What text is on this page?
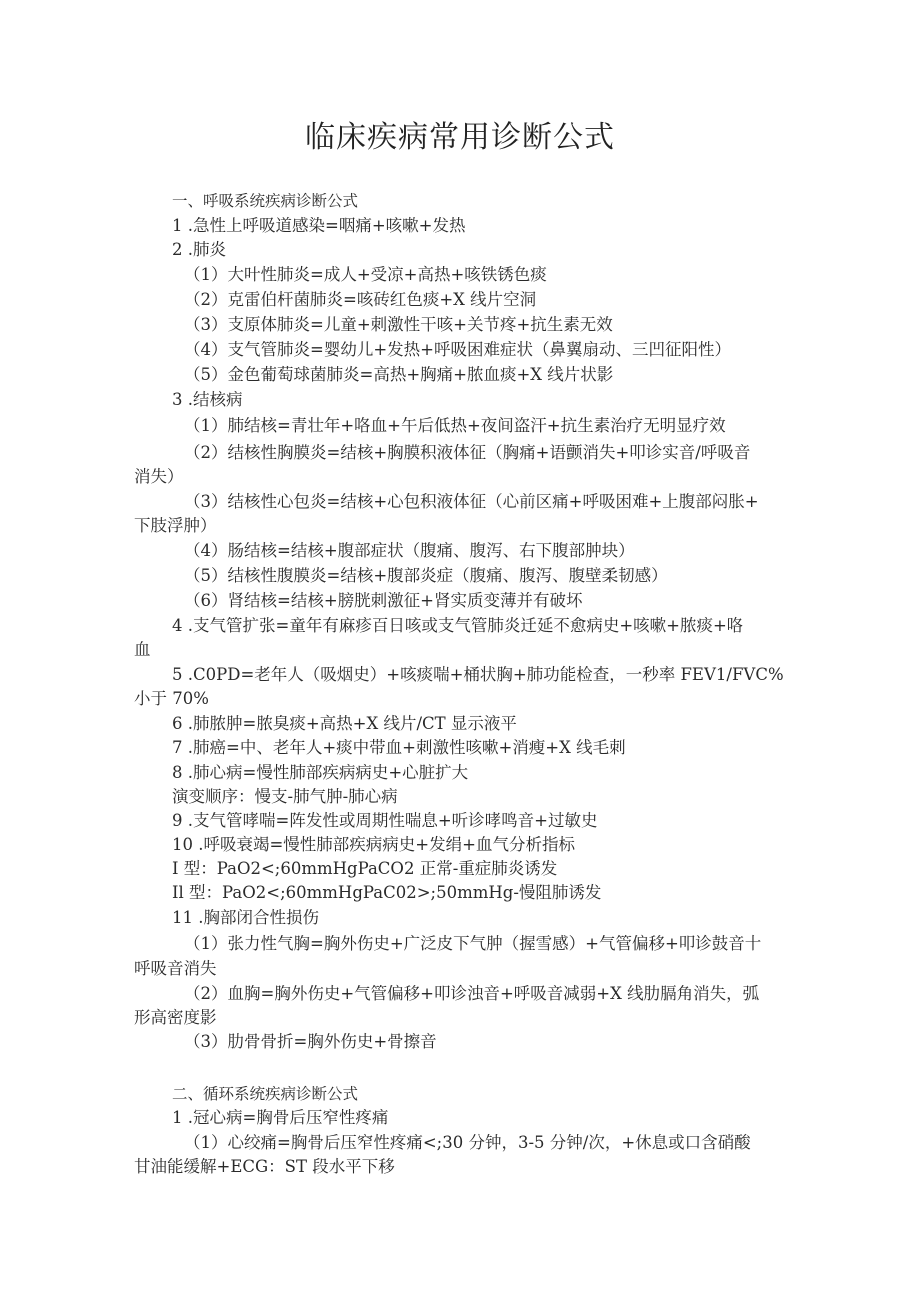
临床疾病常用诊断公式
一、呼吸系统疾病诊断公式
1 .急性上呼吸道感染=咽痛+咳嗽+发热
2 .肺炎
（1）大叶性肺炎=成人+受凉+高热+咳铁锈色痰
（2）克雷伯杆菌肺炎=咳砖红色痰+X 线片空洞
（3）支原体肺炎=儿童+刺激性干咳+关节疼+抗生素无效
（4）支气管肺炎=婴幼儿+发热+呼吸困难症状（鼻翼扇动、三凹征阳性）
（5）金色葡萄球菌肺炎=高热+胸痛+脓血痰+X 线片状影
3 .结核病
（1）肺结核=青壮年+咯血+午后低热+夜间盗汗+抗生素治疗无明显疗效
（2）结核性胸膜炎=结核+胸膜积液体征（胸痛+语颤消失+叩诊实音/呼吸音
消失）
（3）结核性心包炎=结核+心包积液体征（心前区痛+呼吸困难+上腹部闷胀+
下肢浮肿）
（4）肠结核=结核+腹部症状（腹痛、腹泻、右下腹部肿块）
（5）结核性腹膜炎=结核+腹部炎症（腹痛、腹泻、腹壁柔韧感）
（6）肾结核=结核+膀胱刺激征+肾实质变薄并有破坏
4 .支气管扩张=童年有麻疹百日咳或支气管肺炎迁延不愈病史+咳嗽+脓痰+咯
血
5 .C0PD=老年人（吸烟史）+咳痰喘+桶状胸+肺功能检查，一秒率 FEV1/FVC%
小于 70%
6 .肺脓肿=脓臭痰+高热+X 线片/CT 显示液平
7 .肺癌=中、老年人+痰中带血+刺激性咳嗽+消瘦+X 线毛刺
8 .肺心病=慢性肺部疾病病史+心脏扩大
演变顺序：慢支-肺气肿-肺心病
9 .支气管哮喘=阵发性或周期性喘息+听诊哮鸣音+过敏史
10 .呼吸衰竭=慢性肺部疾病病史+发绢+血气分析指标
I 型：PaO2<;60mmHgPaCO2 正常-重症肺炎诱发
Il 型：PaO2<;60mmHgPaC02>;50mmHg-慢阻肺诱发
11 .胸部闭合性损伤
（1）张力性气胸=胸外伤史+广泛皮下气肿（握雪感）+气管偏移+叩诊鼓音十
呼吸音消失
（2）血胸=胸外伤史+气管偏移+叩诊浊音+呼吸音减弱+X 线肋膈角消失，弧
形高密度影
（3）肋骨骨折=胸外伤史+骨擦音
二、循环系统疾病诊断公式
1 .冠心病=胸骨后压窄性疼痛
（1）心绞痛=胸骨后压窄性疼痛<;30 分钟，3-5 分钟/次，+休息或口含硝酸
甘油能缓解+ECG：ST 段水平下移
